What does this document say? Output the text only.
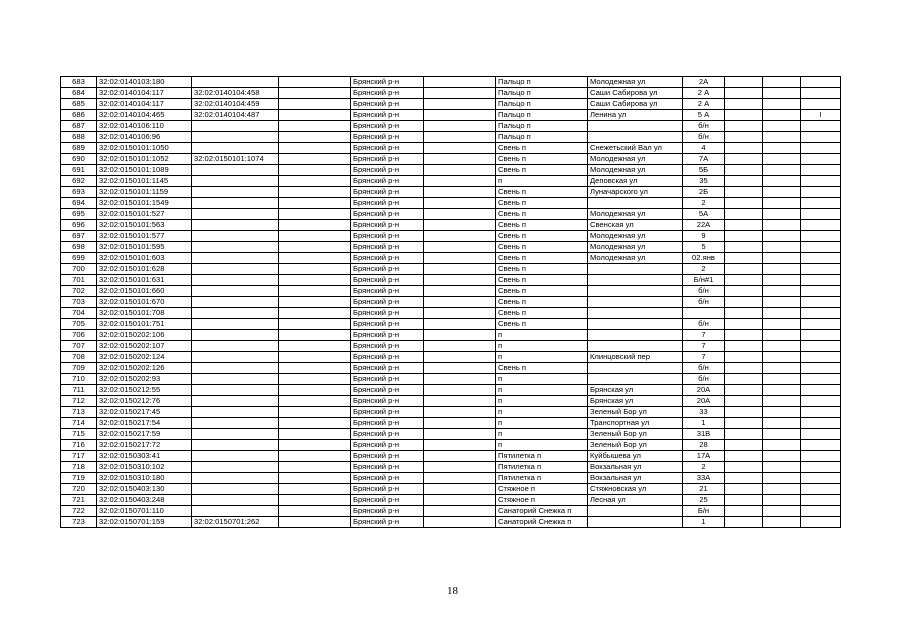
683	32:02:0140103:180			Брянский р-н		Пальцо п	Молодежная ул	2А			
684	32:02:0140104:117	32:02:0140104:458		Брянский р-н		Пальцо п	Саши Сабирова ул	2 А			
685	32:02:0140104:117	32:02:0140104:459		Брянский р-н		Пальцо п	Саши Сабирова ул	2 А			
686	32:02:0140104:465	32:02:0140104:487		Брянский р-н		Пальцо п	Ленина ул	5 А			I
687	32:02:0140106:110			Брянский р-н		Пальцо п		б/н			
688	32:02:0140106:96			Брянский р-н		Пальцо п		б/н			
689	32:02:0150101:1050			Брянский р-н		Свень п	Снежетьский Вал ул	4			
690	32:02:0150101:1052	32:02:0150101:1074		Брянский р-н		Свень п	Молодежная ул	7А			
691	32:02:0150101:1089			Брянский р-н		Свень п	Молодежная ул	5Б			
692	32:02:0150101:1145			Брянский р-н		п	Деповская ул	35			
693	32:02:0150101:1159			Брянский р-н		Свень п	Луначарского ул	2Б			
694	32:02:0150101:1549			Брянский р-н		Свень п		2			
695	32:02:0150101:527			Брянский р-н		Свень п	Молодежная ул	5А			
696	32:02:0150101:563			Брянский р-н		Свень п	Свенская ул	22А			
697	32:02:0150101:577			Брянский р-н		Свень п	Молодежная ул	9			
698	32:02:0150101:595			Брянский р-н		Свень п	Молодежная ул	5			
699	32:02:0150101:603			Брянский р-н		Свень п	Молодежная ул	02.янв			
700	32:02:0150101:628			Брянский р-н		Свень п		2			
701	32:02:0150101:631			Брянский р-н		Свень п		Б/н#1			
702	32:02:0150101:660			Брянский р-н		Свень п		б/н			
703	32:02:0150101:670			Брянский р-н		Свень п		б/н			
704	32:02:0150101:708			Брянский р-н		Свень п					
705	32:02:0150101:751			Брянский р-н		Свень п		б/н			
706	32:02:0150202:106			Брянский р-н		п		7			
707	32:02:0150202:107			Брянский р-н		п		7			
708	32:02:0150202:124			Брянский р-н		п	Клинцовский пер	7			
709	32:02:0150202:126			Брянский р-н		Свень п		б/н			
710	32:02:0150202:93			Брянский р-н		п		б/н			
711	32:02:0150212:55			Брянский р-н		п	Брянская ул	20А			
712	32:02:0150212:76			Брянский р-н		п	Брянская ул	20А			
713	32:02:0150217:45			Брянский р-н		п	Зеленый Бор ул	33			
714	32:02:0150217:54			Брянский р-н		п	Транспортная ул	1			
715	32:02:0150217:59			Брянский р-н		п	Зеленый Бор ул	31В			
716	32:02:0150217:72			Брянский р-н		п	Зеленый Бор ул	28			
717	32:02:0150303:41			Брянский р-н		Пятилетка п	Куйбышева ул	17А			
718	32:02:0150310:102			Брянский р-н		Пятилетка п	Вокзальная ул	2			
719	32:02:0150310:180			Брянский р-н		Пятилетка п	Вокзальная ул	33А			
720	32:02:0150403:130			Брянский р-н		Стяжное п	Стяжновская ул	21			
721	32:02:0150403:248			Брянский р-н		Стяжное п	Лесная ул	25			
722	32:02:0150701:110			Брянский р-н		Санаторий Снежка п		Б/н			
723	32:02:0150701:159	32:02:0150701:262		Брянский р-н		Санаторий Снежка п		1			
18
